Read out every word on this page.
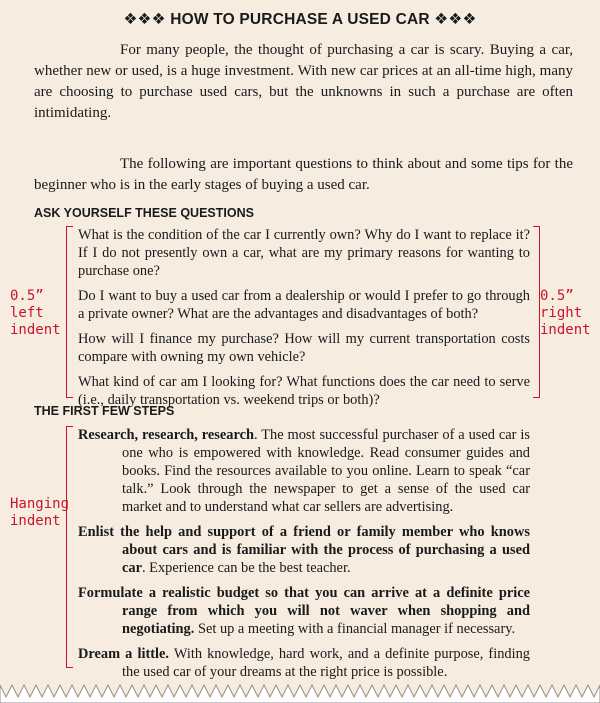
❖❖❖ HOW TO PURCHASE A USED CAR ❖❖❖

For many people, the thought of purchasing a car is scary. Buying a car, whether new or used, is a huge investment. With new car prices at an all-time high, many are choosing to purchase used cars, but the unknowns in such a purchase are often intimidating.

The following are important questions to think about and some tips for the beginner who is in the early stages of buying a used car.

ASK YOURSELF THESE QUESTIONS

What is the condition of the car I currently own? Why do I want to replace it? If I do not presently own a car, what are my primary reasons for wanting to purchase one?

Do I want to buy a used car from a dealership or would I prefer to go through a private owner? What are the advantages and disadvantages of both?

How will I finance my purchase? How will my current transportation costs compare with owning my own vehicle?

What kind of car am I looking for? What functions does the car need to serve (i.e., daily transportation vs. weekend trips or both)?

THE FIRST FEW STEPS

Research, research, research. The most successful purchaser of a used car is one who is empowered with knowledge. Read consumer guides and books. Find the resources available to you online. Learn to speak “car talk.” Look through the newspaper to get a sense of the used car market and to understand what car sellers are advertising.

Enlist the help and support of a friend or family member who knows about cars and is familiar with the process of purchasing a used car. Experience can be the best teacher.

Formulate a realistic budget so that you can arrive at a definite price range from which you will not waver when shopping and negotiating. Set up a meeting with a financial manager if necessary.

Dream a little. With knowledge, hard work, and a definite purpose, finding the used car of your dreams at the right price is possible.

0.5”
left
indent
0.5”
right
indent
Hanging
indent
